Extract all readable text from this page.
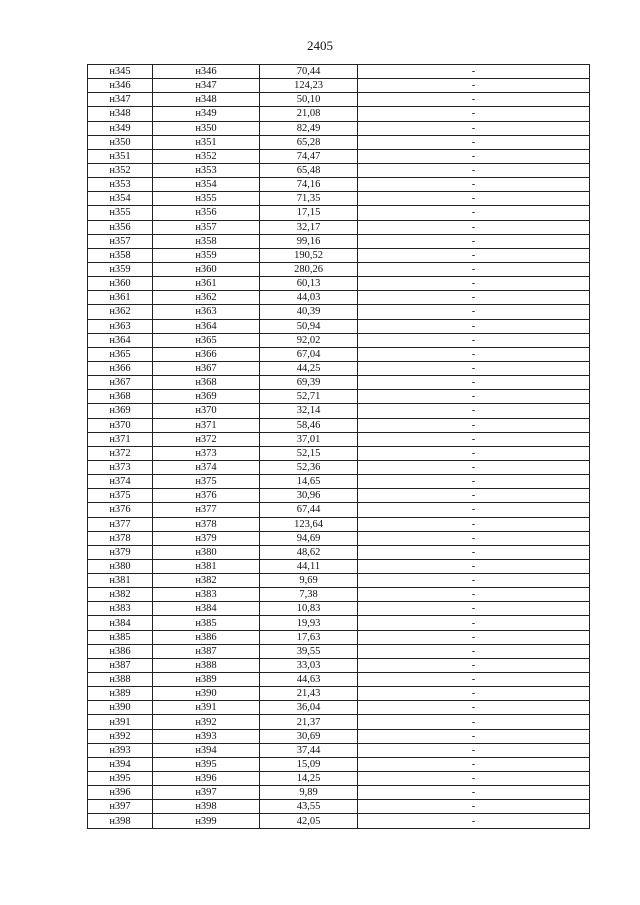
2405
н345	н346	70,44	-
н346	н347	124,23	-
н347	н348	50,10	-
н348	н349	21,08	-
н349	н350	82,49	-
н350	н351	65,28	-
н351	н352	74,47	-
н352	н353	65,48	-
н353	н354	74,16	-
н354	н355	71,35	-
н355	н356	17,15	-
н356	н357	32,17	-
н357	н358	99,16	-
н358	н359	190,52	-
н359	н360	280,26	-
н360	н361	60,13	-
н361	н362	44,03	-
н362	н363	40,39	-
н363	н364	50,94	-
н364	н365	92,02	-
н365	н366	67,04	-
н366	н367	44,25	-
н367	н368	69,39	-
н368	н369	52,71	-
н369	н370	32,14	-
н370	н371	58,46	-
н371	н372	37,01	-
н372	н373	52,15	-
н373	н374	52,36	-
н374	н375	14,65	-
н375	н376	30,96	-
н376	н377	67,44	-
н377	н378	123,64	-
н378	н379	94,69	-
н379	н380	48,62	-
н380	н381	44,11	-
н381	н382	9,69	-
н382	н383	7,38	-
н383	н384	10,83	-
н384	н385	19,93	-
н385	н386	17,63	-
н386	н387	39,55	-
н387	н388	33,03	-
н388	н389	44,63	-
н389	н390	21,43	-
н390	н391	36,04	-
н391	н392	21,37	-
н392	н393	30,69	-
н393	н394	37,44	-
н394	н395	15,09	-
н395	н396	14,25	-
н396	н397	9,89	-
н397	н398	43,55	-
н398	н399	42,05	-
